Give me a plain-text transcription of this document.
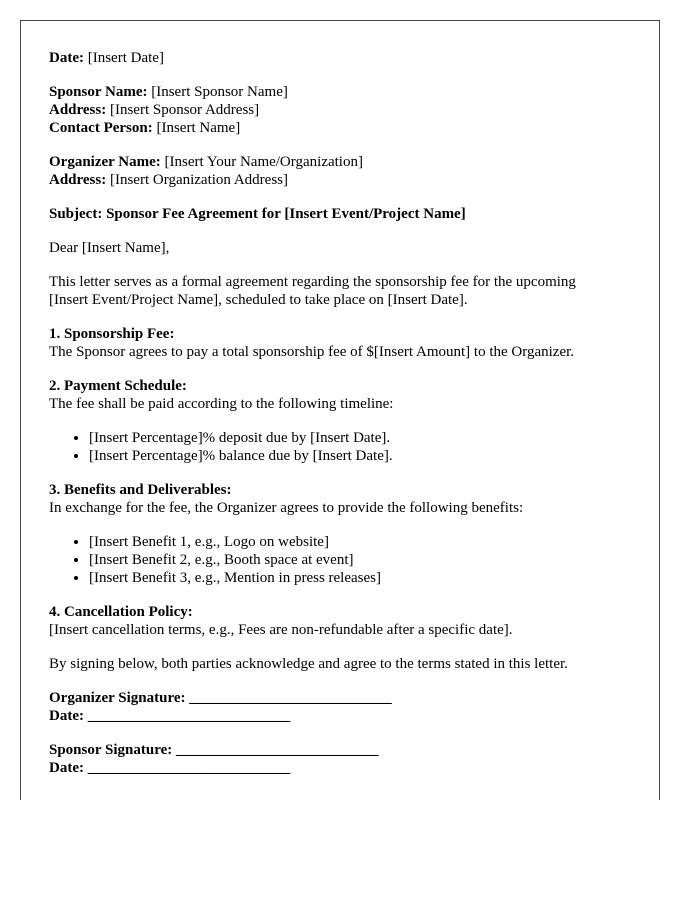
Date: [Insert Date]

Sponsor Name: [Insert Sponsor Name]
Address: [Insert Sponsor Address]
Contact Person: [Insert Name]

Organizer Name: [Insert Your Name/Organization]
Address: [Insert Organization Address]

Subject: Sponsor Fee Agreement for [Insert Event/Project Name]

Dear [Insert Name],

This letter serves as a formal agreement regarding the sponsorship fee for the upcoming
[Insert Event/Project Name], scheduled to take place on [Insert Date].

1. Sponsorship Fee:
The Sponsor agrees to pay a total sponsorship fee of $[Insert Amount] to the Organizer.

2. Payment Schedule:
The fee shall be paid according to the following timeline:

• [Insert Percentage]% deposit due by [Insert Date].
• [Insert Percentage]% balance due by [Insert Date].

3. Benefits and Deliverables:
In exchange for the fee, the Organizer agrees to provide the following benefits:

• [Insert Benefit 1, e.g., Logo on website]
• [Insert Benefit 2, e.g., Booth space at event]
• [Insert Benefit 3, e.g., Mention in press releases]

4. Cancellation Policy:
[Insert cancellation terms, e.g., Fees are non-refundable after a specific date].

By signing below, both parties acknowledge and agree to the terms stated in this letter.

Organizer Signature: ___________________________
Date: ___________________________

Sponsor Signature: ___________________________
Date: ___________________________
